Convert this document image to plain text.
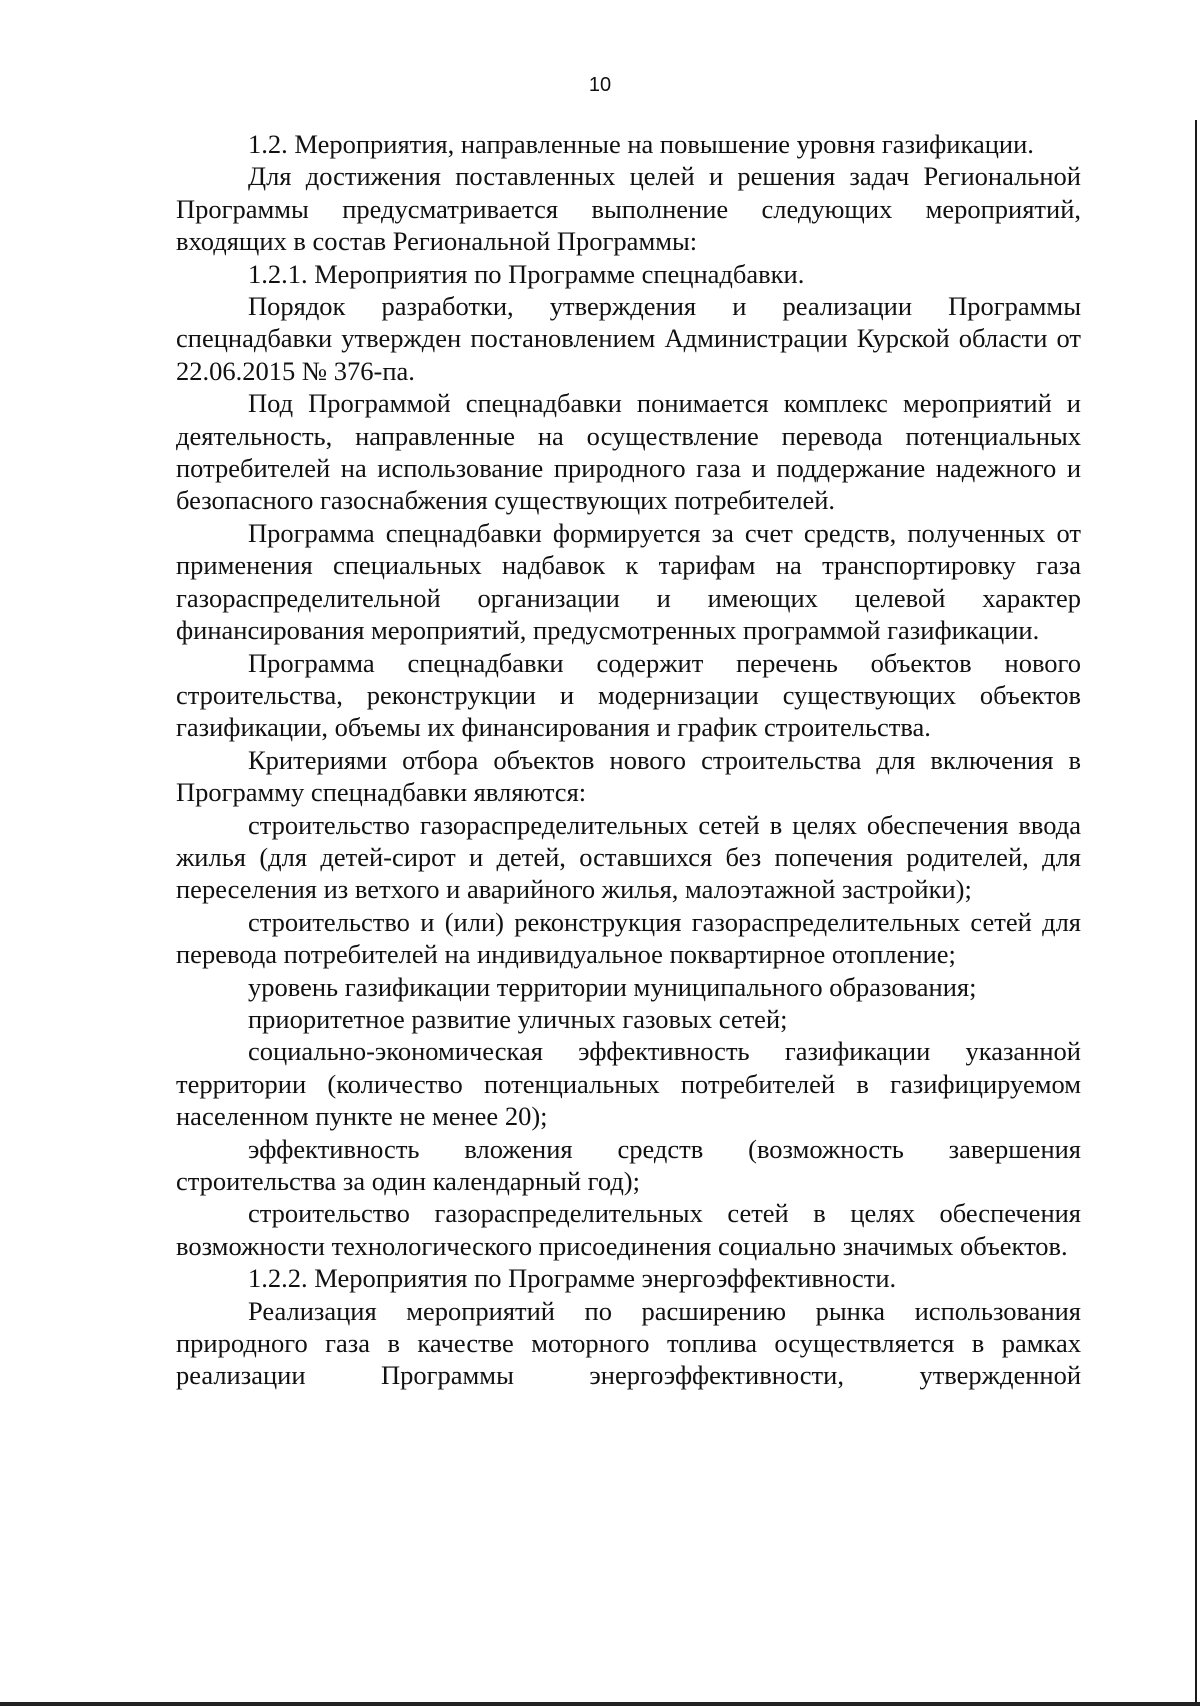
10

1.2. Мероприятия, направленные на повышение уровня газификации.

Для достижения поставленных целей и решения задач Региональной Программы предусматривается выполнение следующих мероприятий, входящих в состав Региональной Программы:

1.2.1. Мероприятия по Программе спецнадбавки.

Порядок разработки, утверждения и реализации Программы спецнадбавки утвержден постановлением Администрации Курской области от 22.06.2015 № 376-па.

Под Программой спецнадбавки понимается комплекс мероприятий и деятельность, направленные на осуществление перевода потенциальных потребителей на использование природного газа и поддержание надежного и безопасного газоснабжения существующих потребителей.

Программа спецнадбавки формируется за счет средств, полученных от применения специальных надбавок к тарифам на транспортировку газа газораспределительной организации и имеющих целевой характер финансирования мероприятий, предусмотренных программой газификации.

Программа спецнадбавки содержит перечень объектов нового строительства, реконструкции и модернизации существующих объектов газификации, объемы их финансирования и график строительства.

Критериями отбора объектов нового строительства для включения в Программу спецнадбавки являются:

строительство газораспределительных сетей в целях обеспечения ввода жилья (для детей-сирот и детей, оставшихся без попечения родителей, для переселения из ветхого и аварийного жилья, малоэтажной застройки);

строительство и (или) реконструкция газораспределительных сетей для перевода потребителей на индивидуальное поквартирное отопление;

уровень газификации территории муниципального образования;

приоритетное развитие уличных газовых сетей;

социально-экономическая эффективность газификации указанной территории (количество потенциальных потребителей в газифицируемом населенном пункте не менее 20);

эффективность вложения средств (возможность завершения строительства за один календарный год);

строительство газораспределительных сетей в целях обеспечения возможности технологического присоединения социально значимых объектов.

1.2.2. Мероприятия по Программе энергоэффективности.

Реализация мероприятий по расширению рынка использования природного газа в качестве моторного топлива осуществляется в рамках реализации Программы энергоэффективности, утвержденной
